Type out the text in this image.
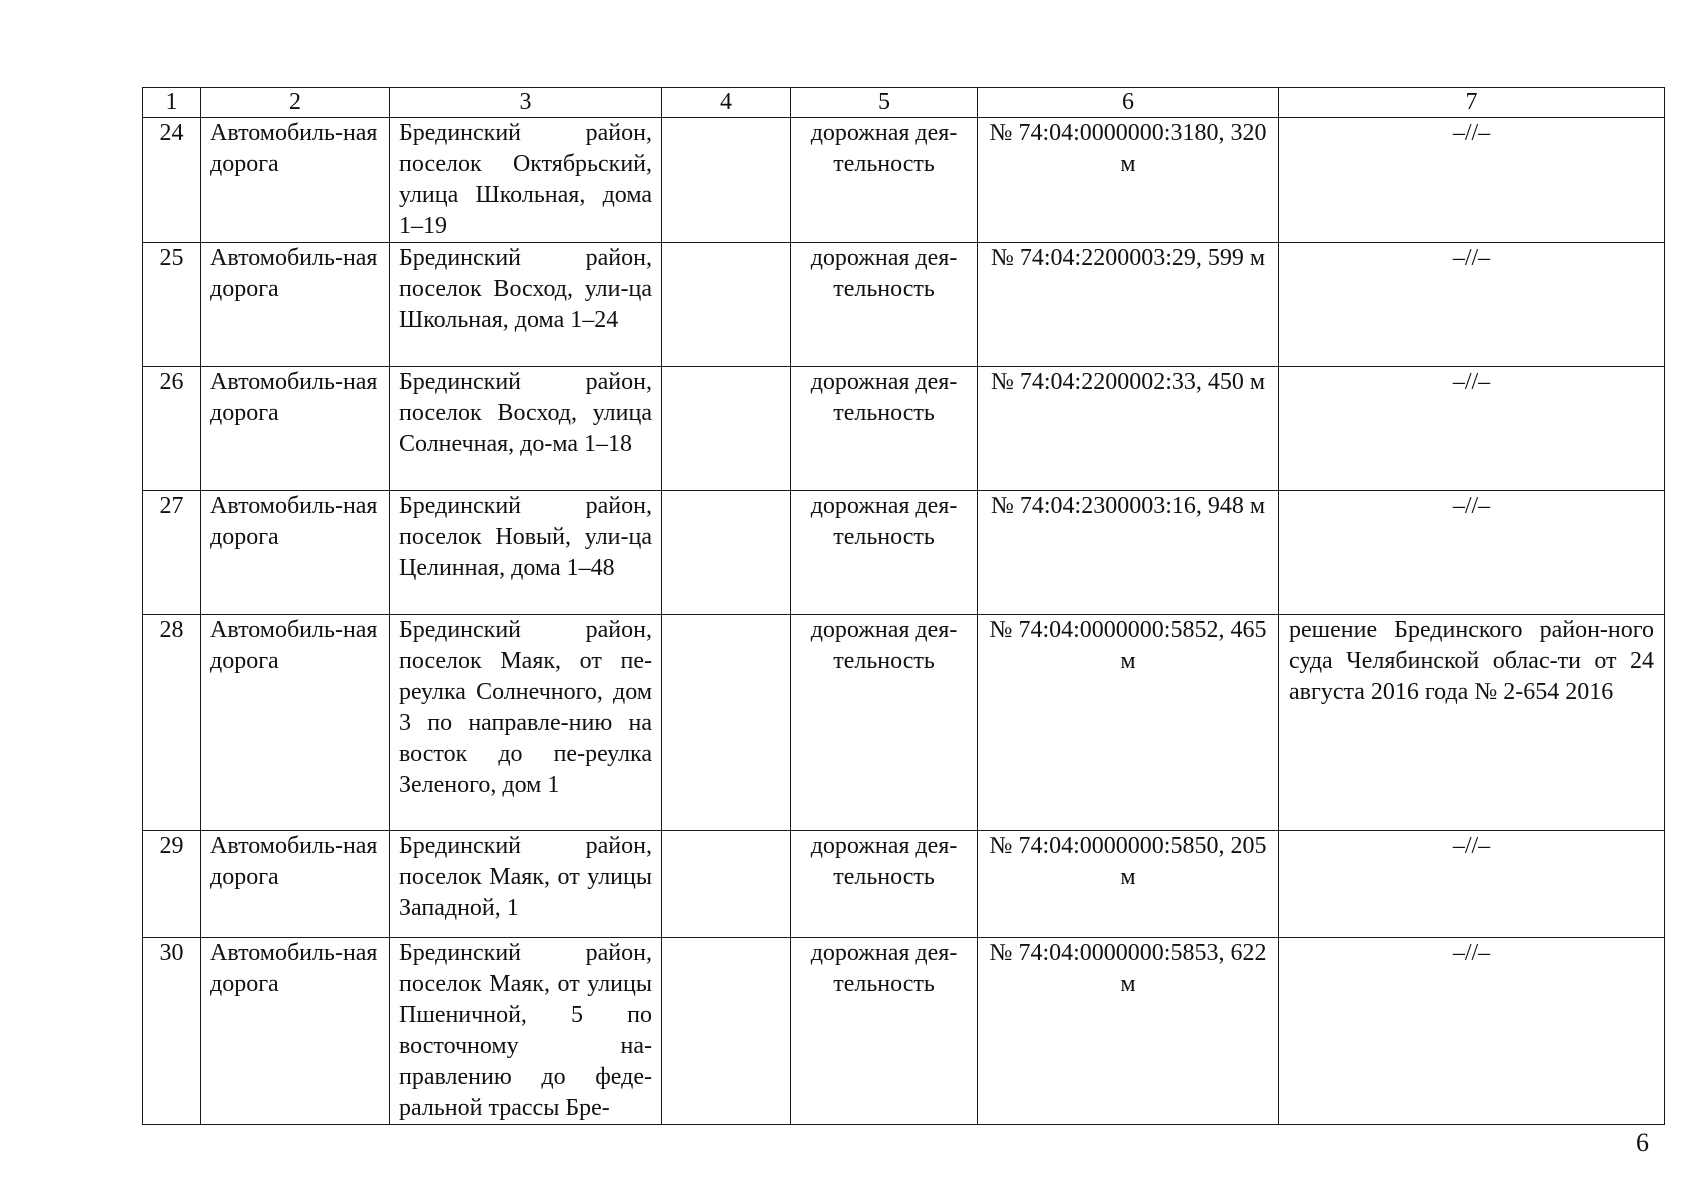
1	2	3	4	5	6	7
24	Автомобиль-ная дорога	Брединский район, поселок Октябрьский, улица Школьная, дома 1–19		дорожная дея-тельность	№ 74:04:0000000:3180, 320 м	–//–
25	Автомобиль-ная дорога	Брединский район, поселок Восход, ули-ца Школьная, дома 1–24		дорожная дея-тельность	№ 74:04:2200003:29, 599 м	–//–
26	Автомобиль-ная дорога	Брединский район, поселок Восход, улица Солнечная, до-ма 1–18		дорожная дея-тельность	№ 74:04:2200002:33, 450 м	–//–
27	Автомобиль-ная дорога	Брединский район, поселок Новый, ули-ца Целинная, дома 1–48		дорожная дея-тельность	№ 74:04:2300003:16, 948 м	–//–
28	Автомобиль-ная дорога	Брединский район, поселок Маяк, от пе-реулка Солнечного, дом 3 по направле-нию на восток до пе-реулка Зеленого, дом 1		дорожная дея-тельность	№ 74:04:0000000:5852, 465 м	решение Брединского район-ного суда Челябинской облас-ти от 24 августа 2016 года № 2-654 2016
29	Автомобиль-ная дорога	Брединский район, поселок Маяк, от улицы Западной, 1		дорожная дея-тельность	№ 74:04:0000000:5850, 205 м	–//–
30	Автомобиль-ная дорога	Брединский район, поселок Маяк, от улицы Пшеничной, 5 по восточному на-правлению до феде-ральной трассы Бре-		дорожная дея-тельность	№ 74:04:0000000:5853, 622 м	–//–
6
